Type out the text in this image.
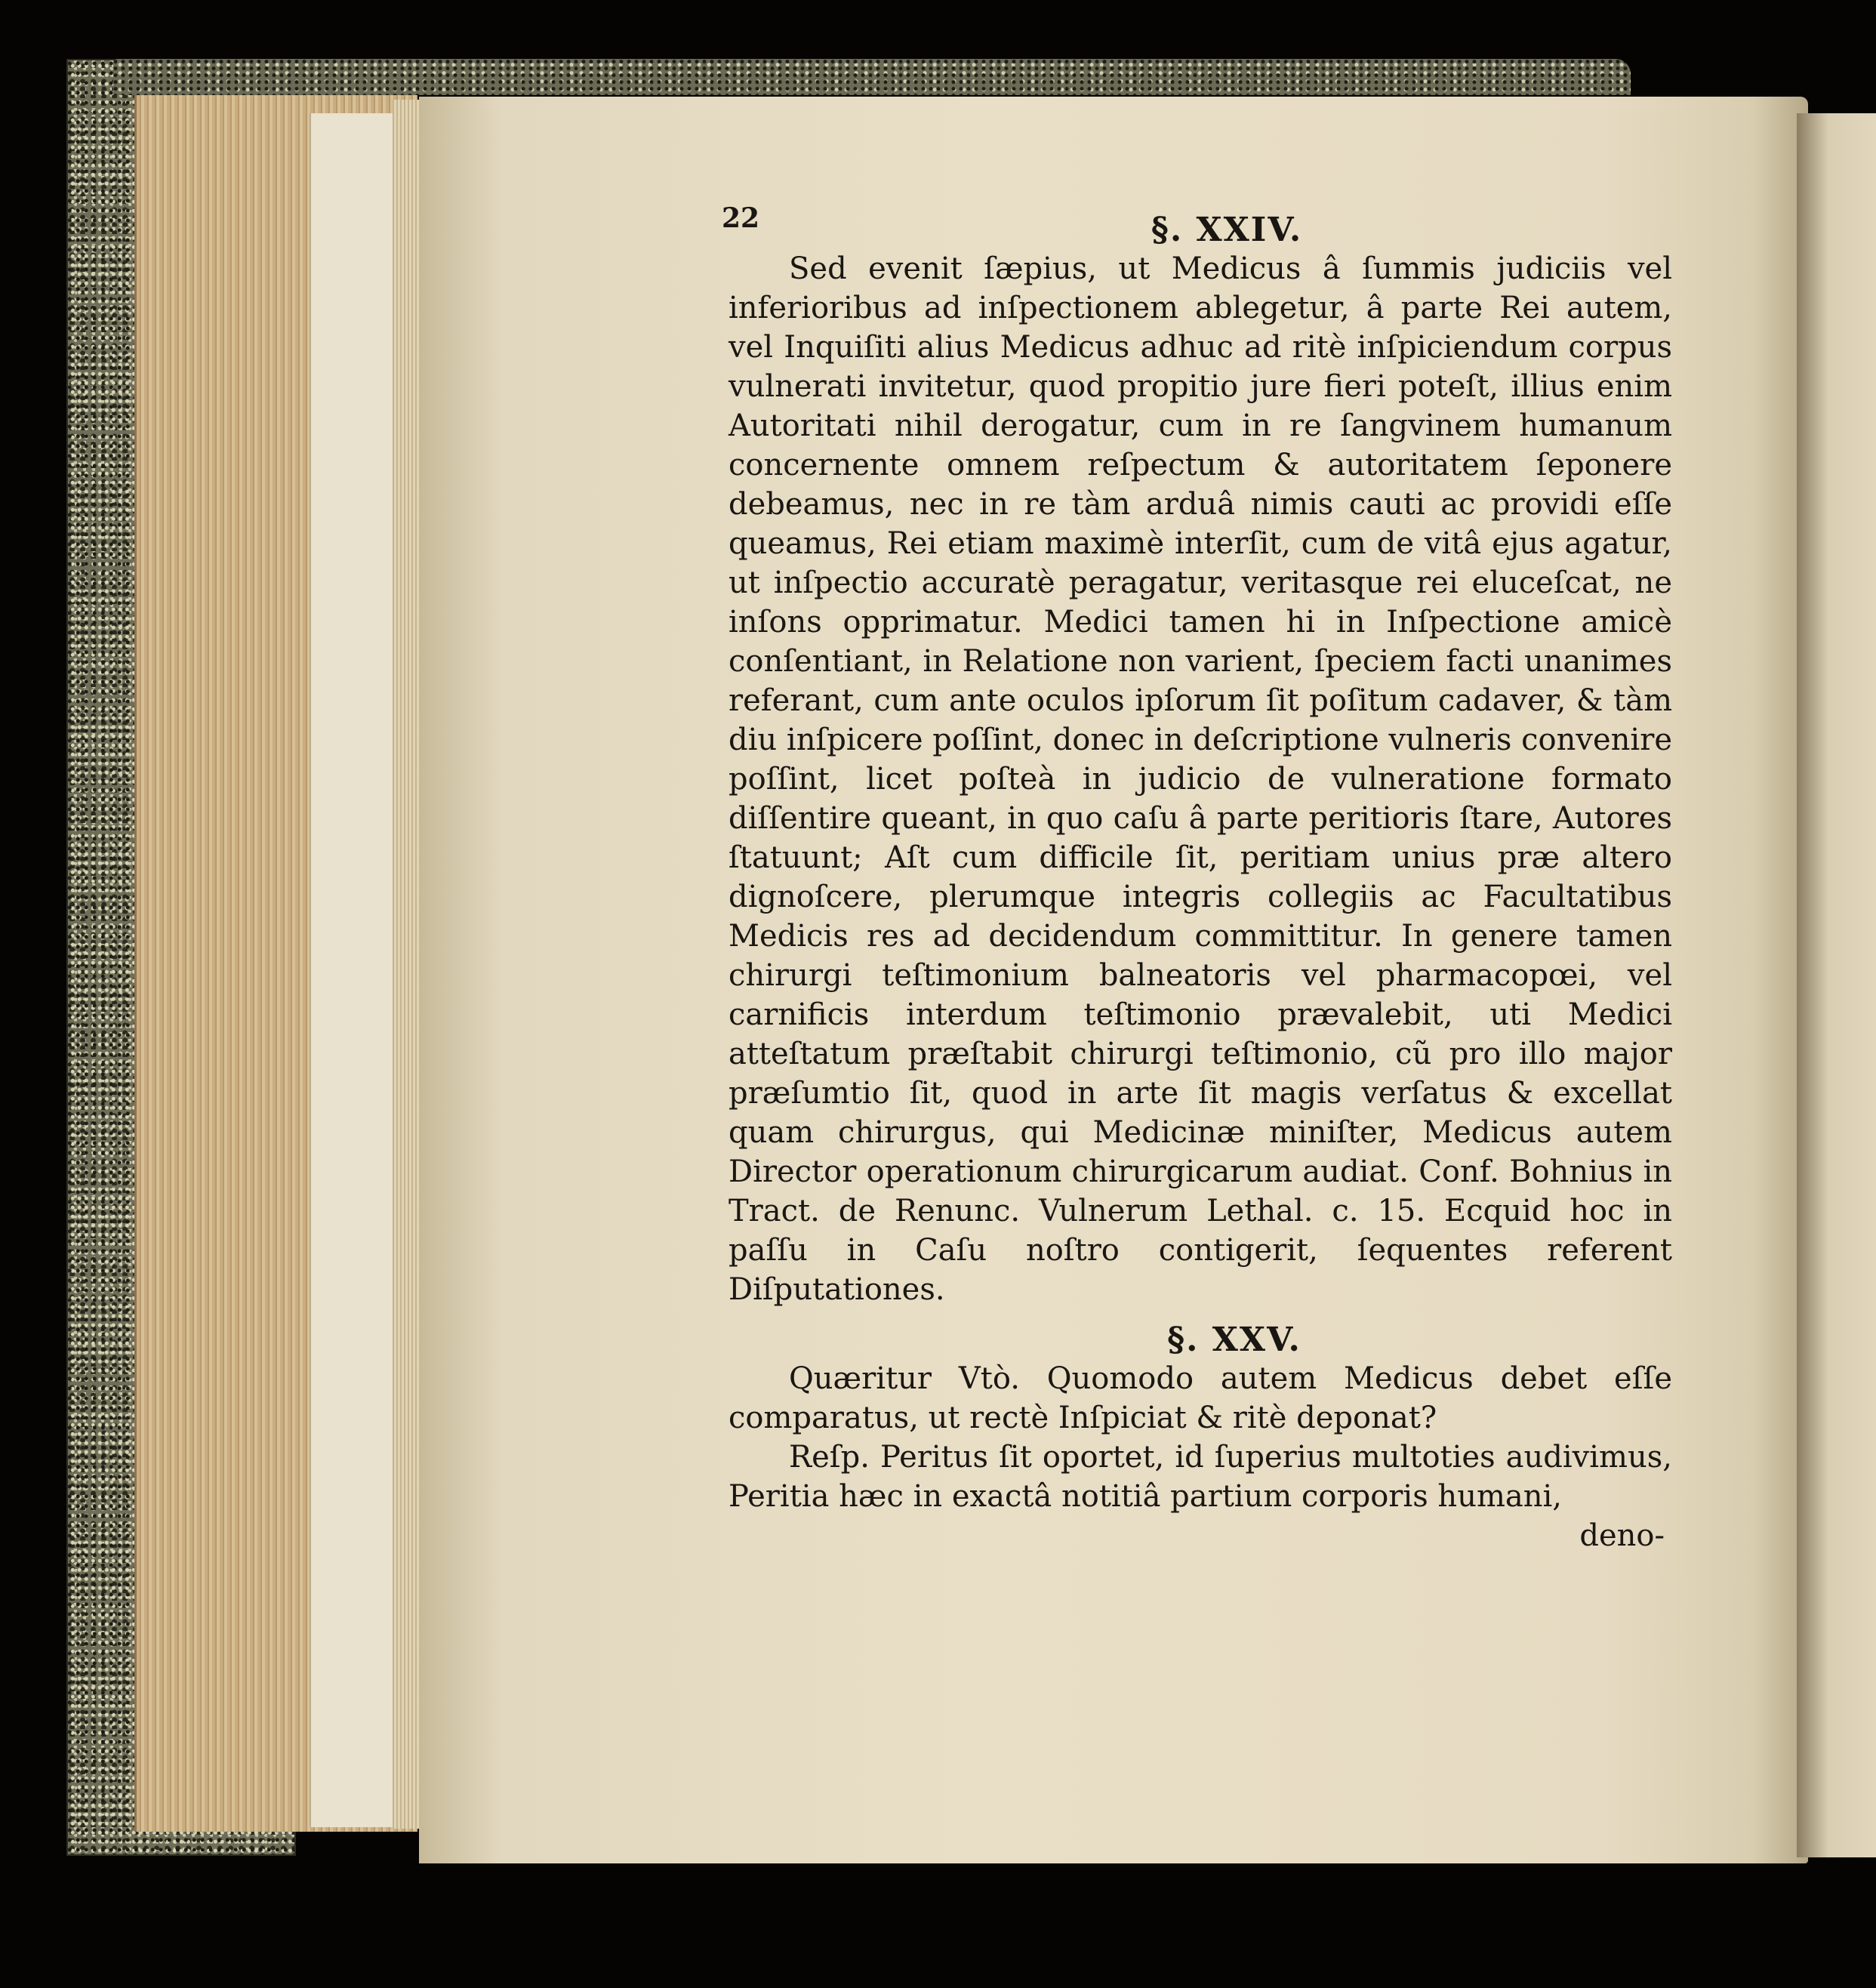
22	§. XXIV.

Sed evenit ſæpius, ut Medicus â ſummis judiciis vel inferioribus ad inſpectionem ablegetur, â parte Rei autem, vel Inquiſiti alius Medicus adhuc ad ritè inſpiciendum corpus vulnerati invitetur, quod propitio jure fieri poteſt, illius enim Autoritati nihil derogatur, cum in re ſangvinem humanum concernente omnem reſpectum & autoritatem ſeponere debeamus, nec in re tàm arduâ nimis cauti ac providi eſſe queamus, Rei etiam maximè interſit, cum de vitâ ejus agatur, ut inſpectio accuratè peragatur, veritasque rei eluceſcat, ne inſons opprimatur. Medici tamen hi in Inſpectione amicè conſentiant, in Relatione non varient, ſpeciem facti unanimes referant, cum ante oculos ipſorum ſit poſitum cadaver, & tàm diu inſpicere poſſint, donec in deſcriptione vulneris convenire poſſint, licet poſteà in judicio de vulneratione formato diſſentire queant, in quo caſu â parte peritioris ſtare, Autores ſtatuunt; Aſt cum difficile ſit, peritiam unius præ altero dignoſcere, plerumque integris collegiis ac Facultatibus Medicis res ad decidendum committitur. In genere tamen chirurgi teſtimonium balneatoris vel pharmacopœi, vel carnificis interdum teſtimonio prævalebit, uti Medici atteſtatum præſtabit chirurgi teſtimonio, cũ pro illo major præſumtio ſit, quod in arte ſit magis verſatus & excellat quam chirurgus, qui Medicinæ miniſter, Medicus autem Director operationum chirurgicarum audiat. Conf. Bohnius in Tract. de Renunc. Vulnerum Lethal. c. 15. Ecquid hoc in paſſu in Caſu noſtro contigerit, ſequentes referent Diſputationes.

§. XXV.

Quæritur Vtò. Quomodo autem Medicus debet eſſe comparatus, ut rectè Inſpiciat & ritè deponat?

Reſp. Peritus ſit oportet, id ſuperius multoties audivimus, Peritia hæc in exactâ notitiâ partium corporis humani,

deno-
